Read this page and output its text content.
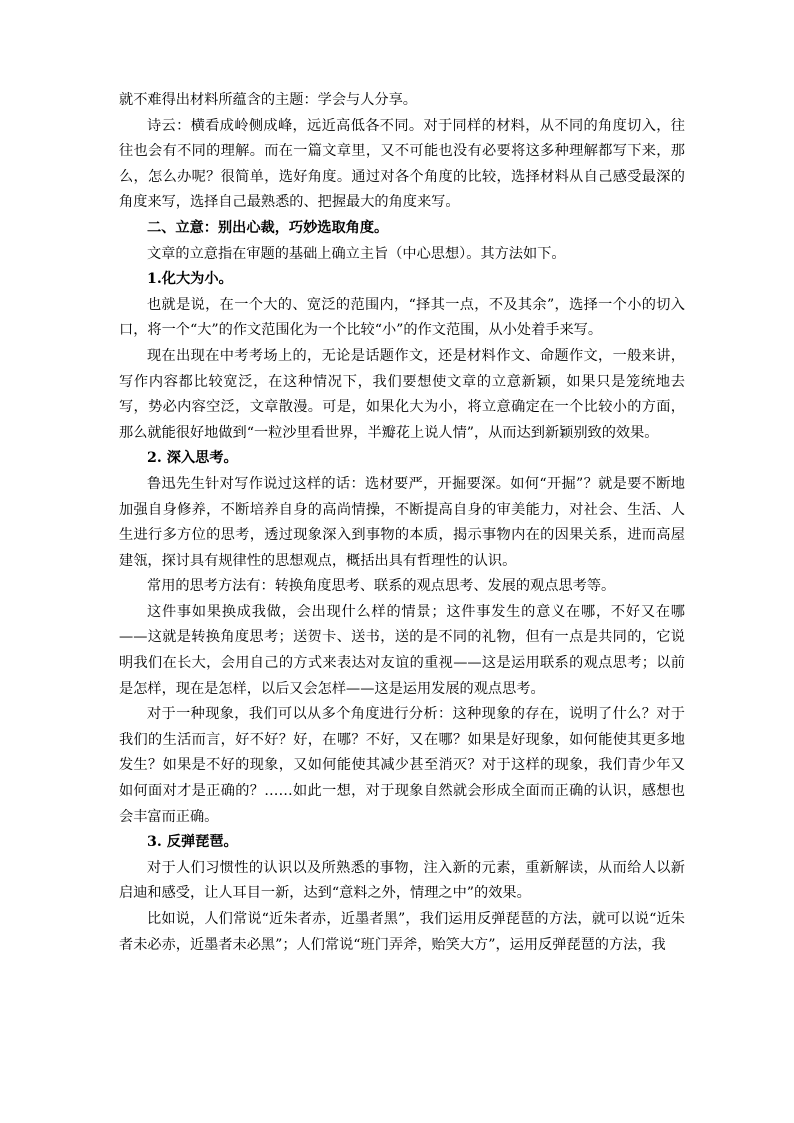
就不难得出材料所蕴含的主题：学会与人分享。

诗云：横看成岭侧成峰，远近高低各不同。对于同样的材料，从不同的角度切入，往往也会有不同的理解。而在一篇文章里，又不可能也没有必要将这多种理解都写下来，那么，怎么办呢？很简单，选好角度。通过对各个角度的比较，选择材料从自己感受最深的角度来写，选择自己最熟悉的、把握最大的角度来写。

二、立意：别出心裁，巧妙选取角度。

文章的立意指在审题的基础上确立主旨（中心思想）。其方法如下。

1.化大为小。

也就是说，在一个大的、宽泛的范围内，“择其一点，不及其余”，选择一个小的切入口，将一个“大”的作文范围化为一个比较“小”的作文范围，从小处着手来写。

现在出现在中考考场上的，无论是话题作文，还是材料作文、命题作文，一般来讲，写作内容都比较宽泛，在这种情况下，我们要想使文章的立意新颖，如果只是笼统地去写，势必内容空泛，文章散漫。可是，如果化大为小，将立意确定在一个比较小的方面，那么就能很好地做到“一粒沙里看世界，半瓣花上说人情”，从而达到新颖别致的效果。

2. 深入思考。

鲁迅先生针对写作说过这样的话：选材要严，开掘要深。如何“开掘”？就是要不断地加强自身修养，不断培养自身的高尚情操，不断提高自身的审美能力，对社会、生活、人生进行多方位的思考，透过现象深入到事物的本质，揭示事物内在的因果关系，进而高屋建瓴，探讨具有规律性的思想观点，概括出具有哲理性的认识。

常用的思考方法有：转换角度思考、联系的观点思考、发展的观点思考等。

这件事如果换成我做，会出现什么样的情景；这件事发生的意义在哪，不好又在哪——这就是转换角度思考；送贺卡、送书，送的是不同的礼物，但有一点是共同的，它说明我们在长大，会用自己的方式来表达对友谊的重视——这是运用联系的观点思考；以前是怎样，现在是怎样，以后又会怎样——这是运用发展的观点思考。

对于一种现象，我们可以从多个角度进行分析：这种现象的存在，说明了什么？对于我们的生活而言，好不好？好，在哪？不好，又在哪？如果是好现象，如何能使其更多地发生？如果是不好的现象，又如何能使其减少甚至消灭？对于这样的现象，我们青少年又如何面对才是正确的？……如此一想，对于现象自然就会形成全面而正确的认识，感想也会丰富而正确。

3. 反弹琵琶。

对于人们习惯性的认识以及所熟悉的事物，注入新的元素，重新解读，从而给人以新启迪和感受，让人耳目一新，达到“意料之外，情理之中”的效果。

比如说，人们常说“近朱者赤，近墨者黑”，我们运用反弹琵琶的方法，就可以说“近朱者未必赤，近墨者未必黑”；人们常说“班门弄斧，贻笑大方”，运用反弹琵琶的方法，我
